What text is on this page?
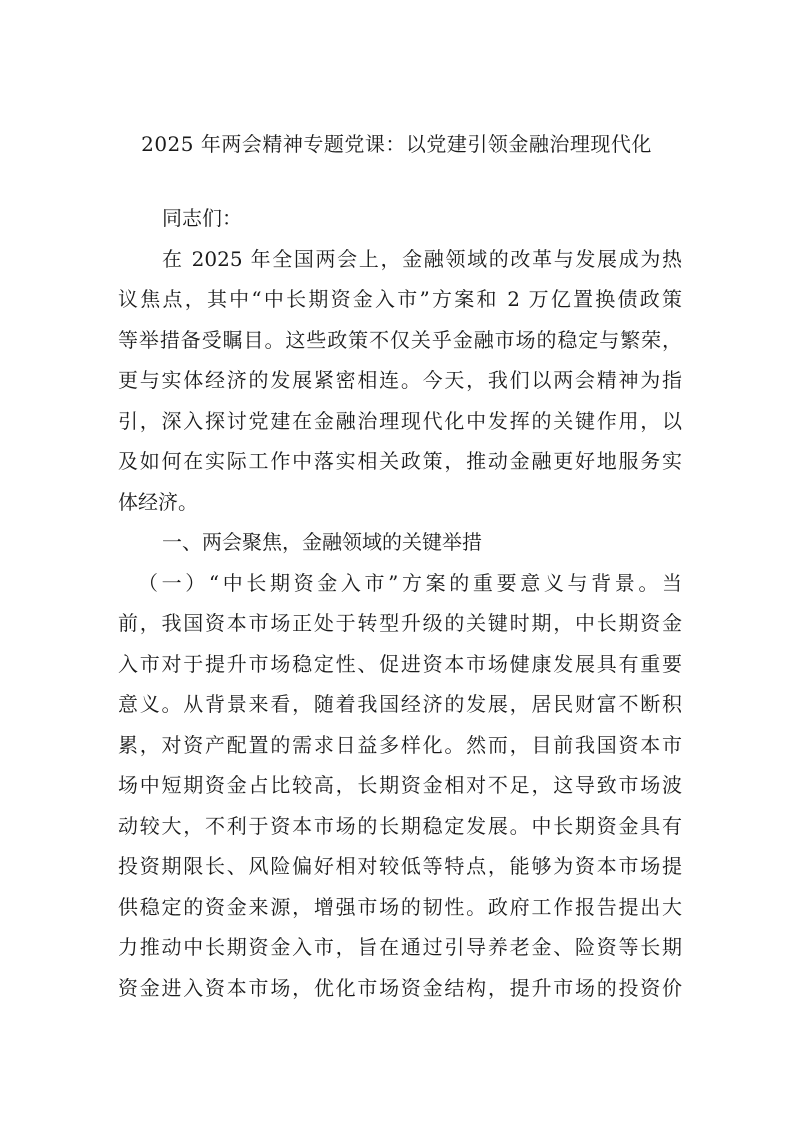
2025 年两会精神专题党课：以党建引领金融治理现代化
同志们：
在 2025 年全国两会上，金融领域的改革与发展成为热
议焦点，其中“中长期资金入市”方案和 2 万亿置换债政策
等举措备受瞩目。这些政策不仅关乎金融市场的稳定与繁荣，
更与实体经济的发展紧密相连。今天，我们以两会精神为指
引，深入探讨党建在金融治理现代化中发挥的关键作用，以
及如何在实际工作中落实相关政策，推动金融更好地服务实
体经济。
一、两会聚焦，金融领域的关键举措
（一）“中长期资金入市”方案的重要意义与背景。当
前，我国资本市场正处于转型升级的关键时期，中长期资金
入市对于提升市场稳定性、促进资本市场健康发展具有重要
意义。从背景来看，随着我国经济的发展，居民财富不断积
累，对资产配置的需求日益多样化。然而，目前我国资本市
场中短期资金占比较高，长期资金相对不足，这导致市场波
动较大，不利于资本市场的长期稳定发展。中长期资金具有
投资期限长、风险偏好相对较低等特点，能够为资本市场提
供稳定的资金来源，增强市场的韧性。政府工作报告提出大
力推动中长期资金入市，旨在通过引导养老金、险资等长期
资金进入资本市场，优化市场资金结构，提升市场的投资价
